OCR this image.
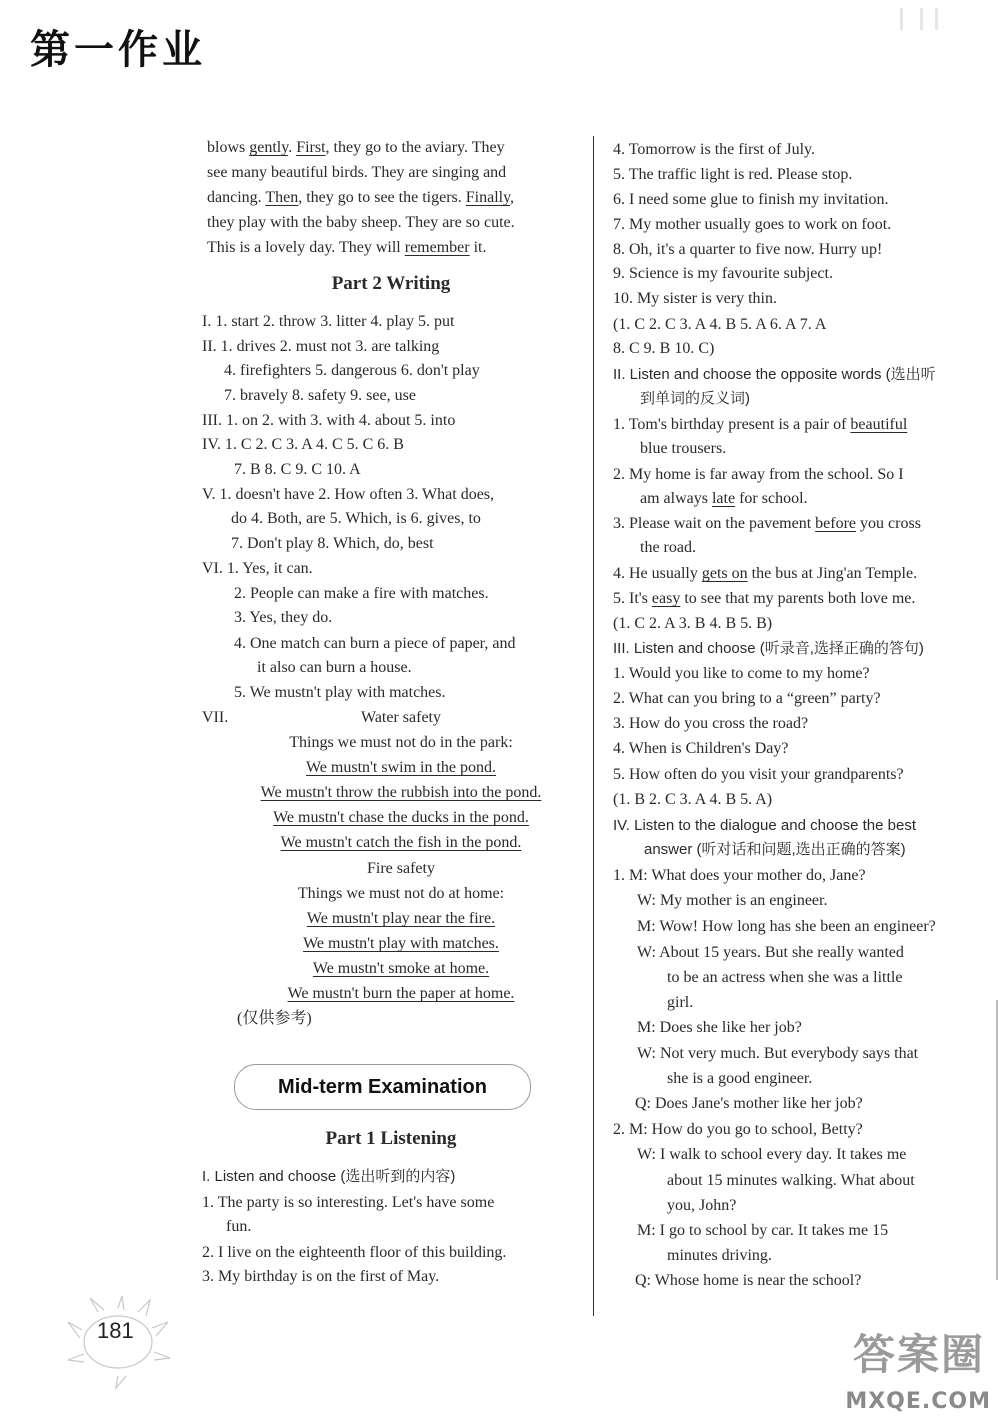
第一作业
blows gently. First, they go to the aviary. They
see many beautiful birds. They are singing and
dancing. Then, they go to see the tigers. Finally,
they play with the baby sheep. They are so cute.
This is a lovely day. They will remember it.
Part 2 Writing
I. 1. start 2. throw 3. litter 4. play 5. put
II. 1. drives 2. must not 3. are talking
4. firefighters 5. dangerous 6. don't play
7. bravely 8. safety 9. see, use
III. 1. on 2. with 3. with 4. about 5. into
IV. 1. C 2. C 3. A 4. C 5. C 6. B
7. B 8. C 9. C 10. A
V. 1. doesn't have 2. How often 3. What does,
do 4. Both, are 5. Which, is 6. gives, to
7. Don't play 8. Which, do, best
VI. 1. Yes, it can.
2. People can make a fire with matches.
3. Yes, they do.
4. One match can burn a piece of paper, and
it also can burn a house.
5. We mustn't play with matches.
VII.	Water safety
Things we must not do in the park:
We mustn't swim in the pond.
We mustn't throw the rubbish into the pond.
We mustn't chase the ducks in the pond.
We mustn't catch the fish in the pond.
Fire safety
Things we must not do at home:
We mustn't play near the fire.
We mustn't play with matches.
We mustn't smoke at home.
We mustn't burn the paper at home.
(仅供参考)
Part 1 Listening
I. Listen and choose (选出听到的内容)
1. The party is so interesting. Let's have some
fun.
2. I live on the eighteenth floor of this building.
3. My birthday is on the first of May.
Mid-term Examination
4. Tomorrow is the first of July.
5. The traffic light is red. Please stop.
6. I need some glue to finish my invitation.
7. My mother usually goes to work on foot.
8. Oh, it's a quarter to five now. Hurry up!
9. Science is my favourite subject.
10. My sister is very thin.
(1. C 2. C 3. A 4. B 5. A 6. A 7. A
8. C 9. B 10. C)
II. Listen and choose the opposite words (选出听
到单词的反义词)
1. Tom's birthday present is a pair of beautiful
blue trousers.
2. My home is far away from the school. So I
am always late for school.
3. Please wait on the pavement before you cross
the road.
4. He usually gets on the bus at Jing'an Temple.
5. It's easy to see that my parents both love me.
(1. C 2. A 3. B 4. B 5. B)
III. Listen and choose (听录音,选择正确的答句)
1. Would you like to come to my home?
2. What can you bring to a “green” party?
3. How do you cross the road?
4. When is Children's Day?
5. How often do you visit your grandparents?
(1. B 2. C 3. A 4. B 5. A)
IV. Listen to the dialogue and choose the best
answer (听对话和问题,选出正确的答案)
1. M: What does your mother do, Jane?
W: My mother is an engineer.
M: Wow! How long has she been an engineer?
W: About 15 years. But she really wanted
to be an actress when she was a little
girl.
M: Does she like her job?
W: Not very much. But everybody says that
she is a good engineer.
Q: Does Jane's mother like her job?
2. M: How do you go to school, Betty?
W: I walk to school every day. It takes me
about 15 minutes walking. What about
you, John?
M: I go to school by car. It takes me 15
minutes driving.
Q: Whose home is near the school?
181	答案圈
MXQE.COM
